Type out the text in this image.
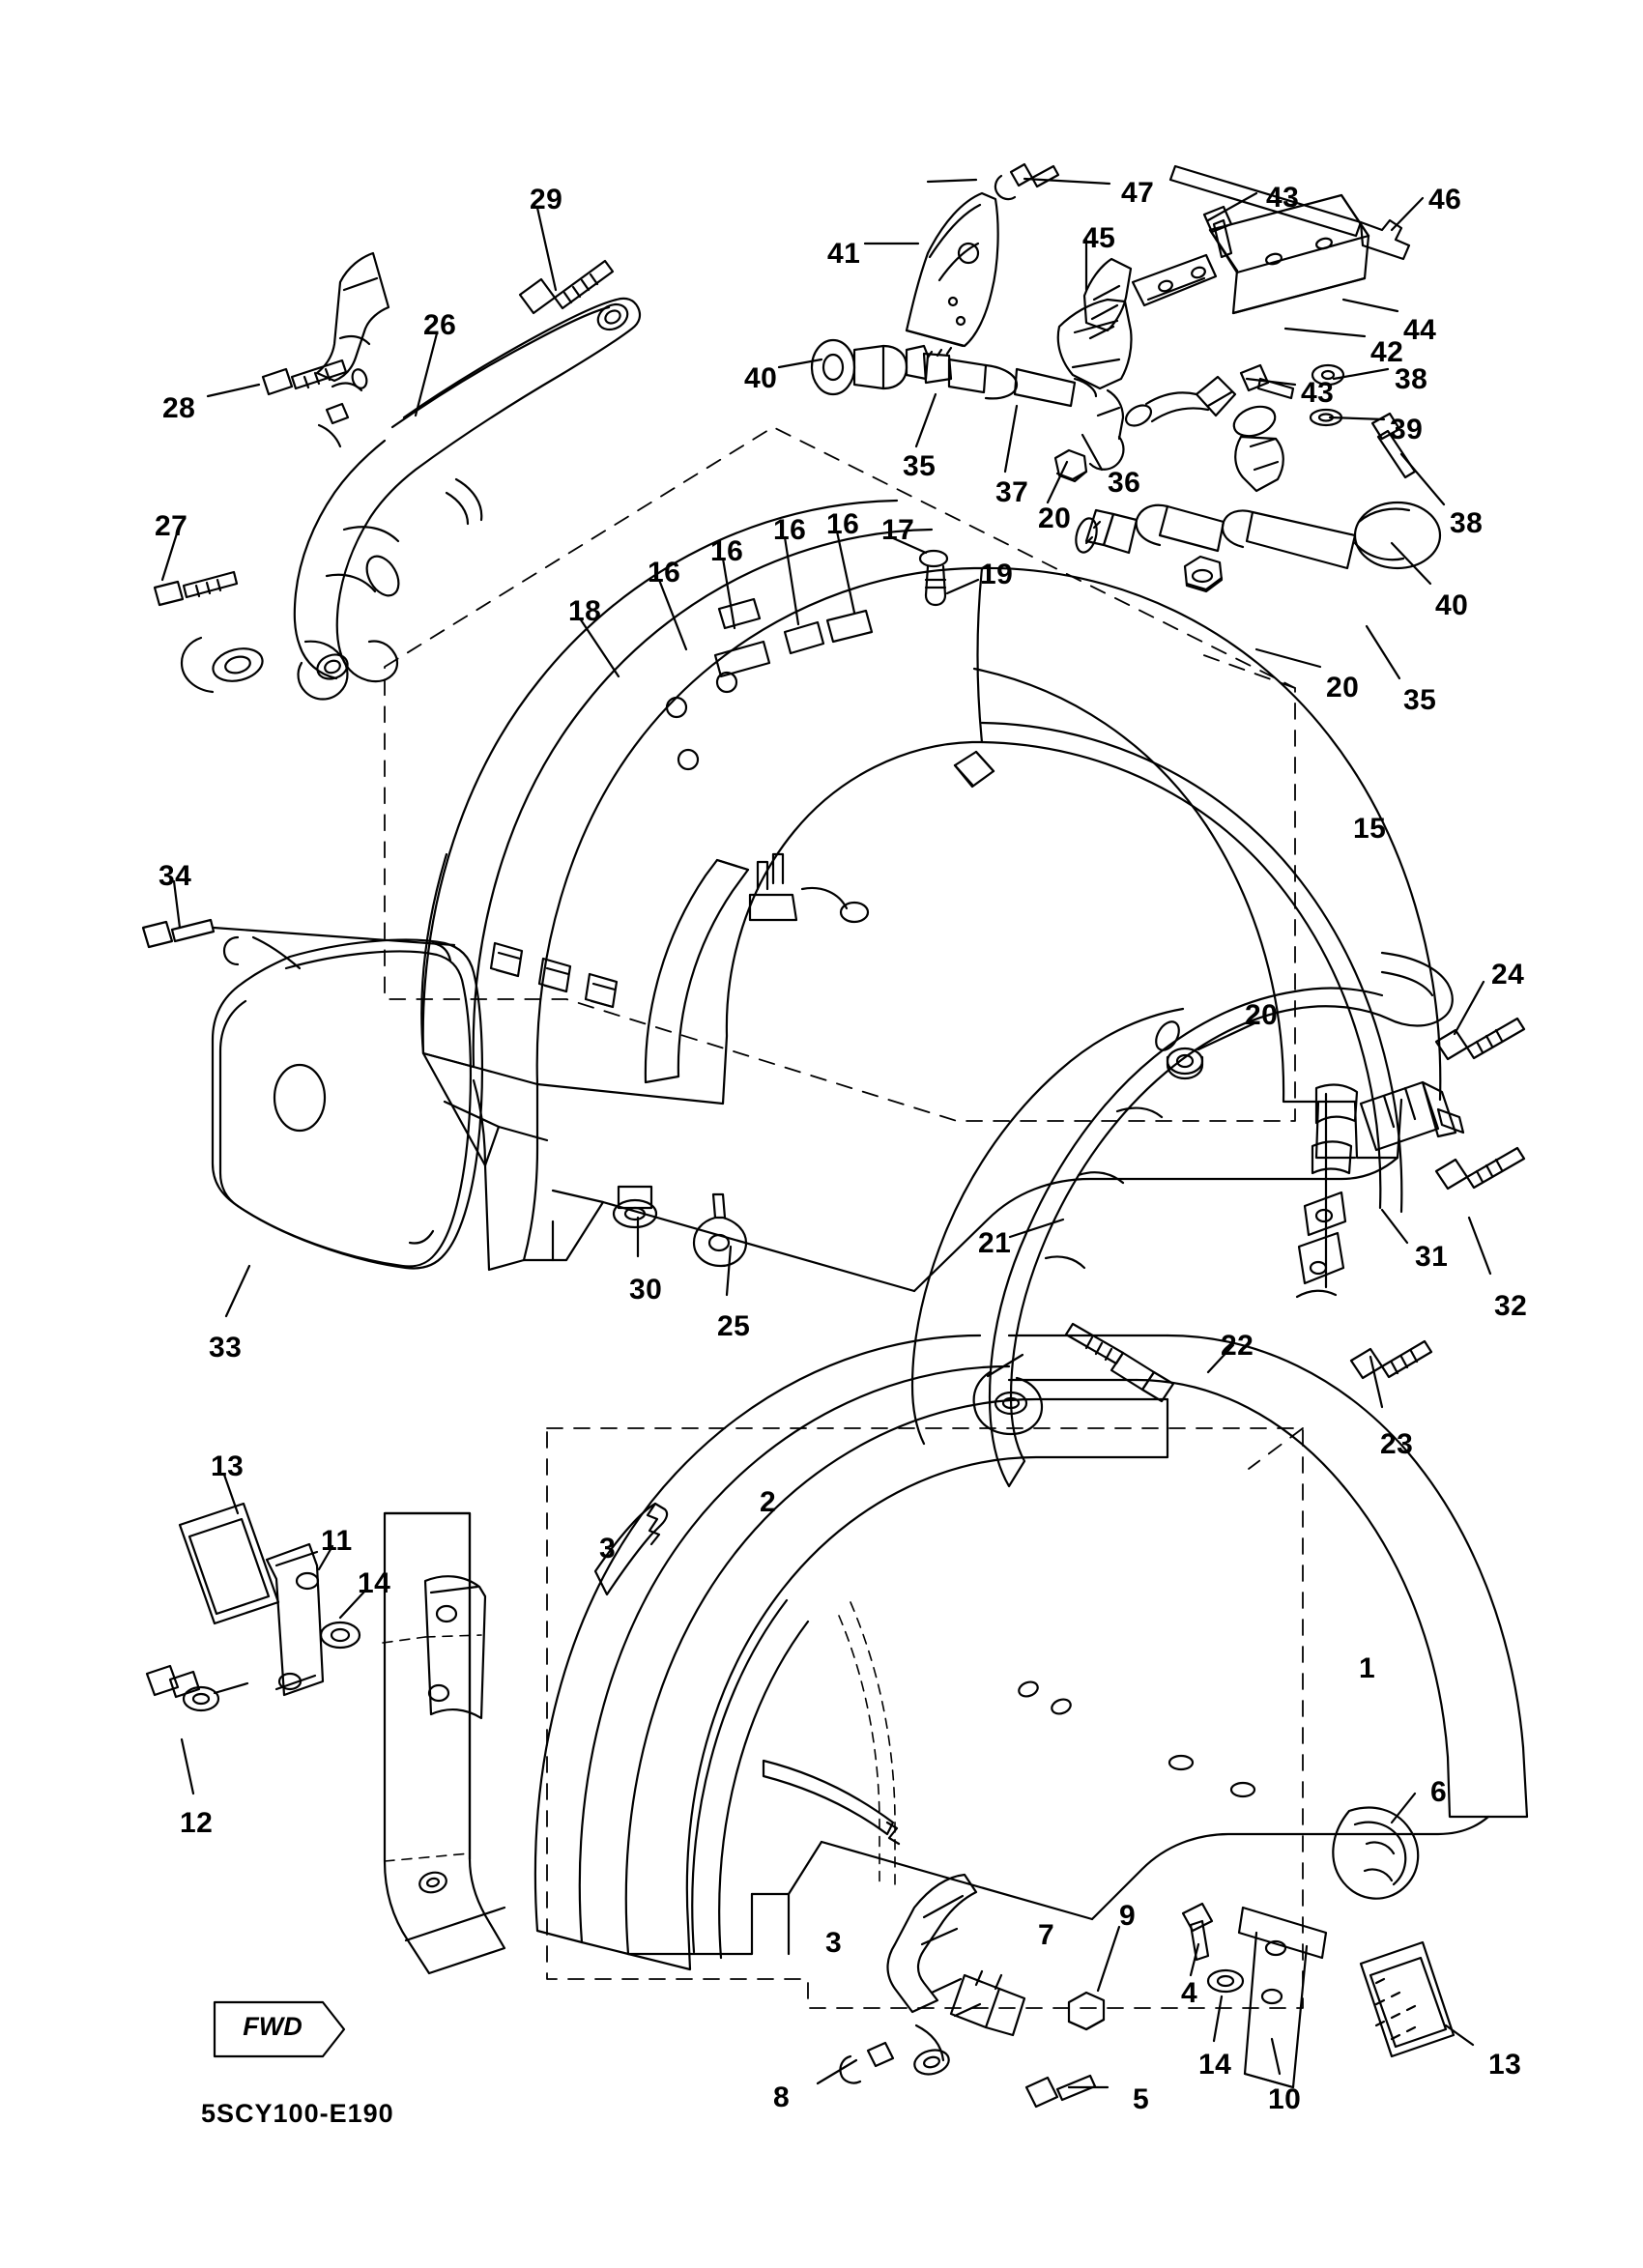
FWD
5SCY100-E190
29
26
28
27
47	43	46
41	45
44
42
40	38
43
39
35
37	36
20	38
17
16
16
16 16
19
40
18
20 35
15
34
24
20
31
21
32
30
25
33	22
23
13
11
14
3
2
1
12
6
3	7
9
4
14
10
13
8	5
